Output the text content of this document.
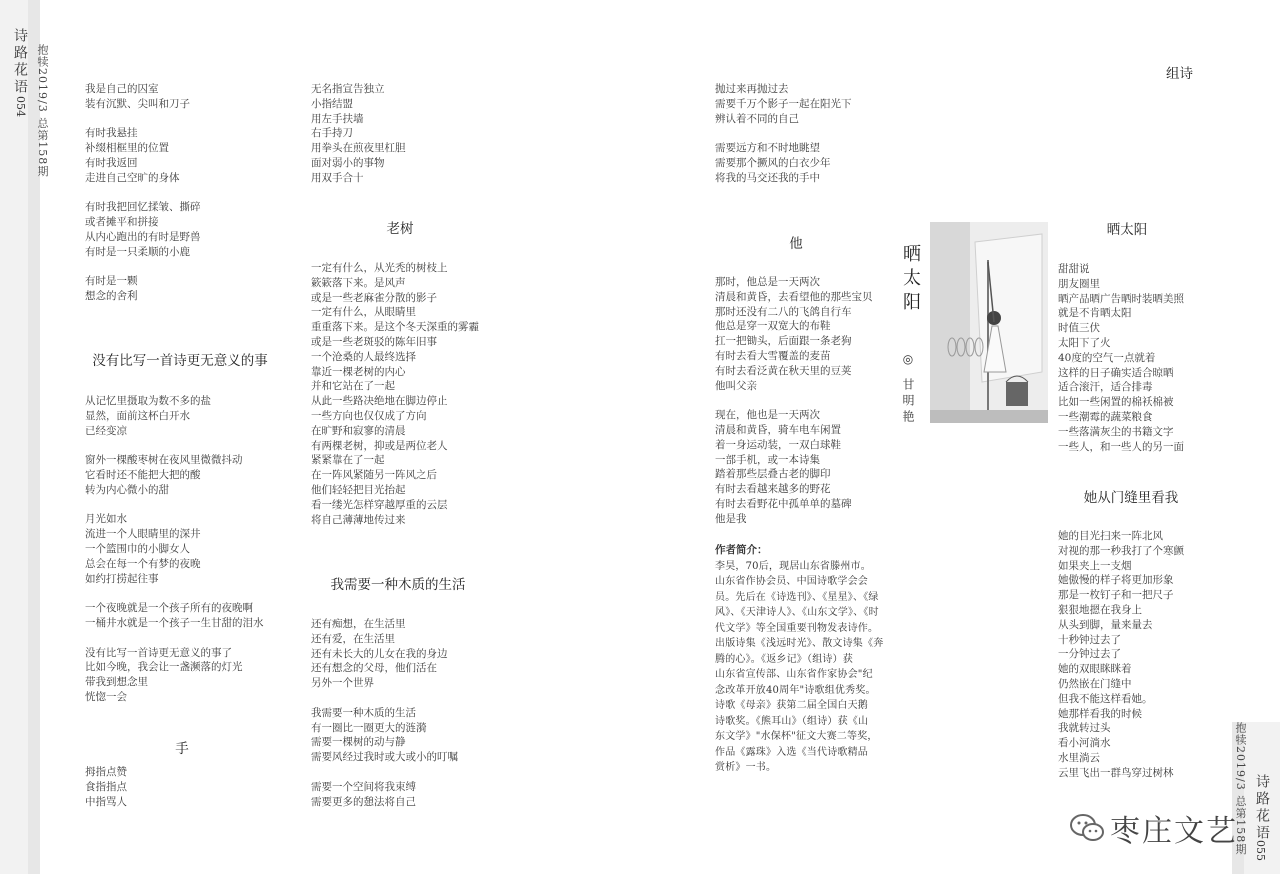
诗路花语 抱犊2019/3 总第158期
054
我是自己的囚室
装有沉默、尖叫和刀子
有时我悬挂
补缀相框里的位置
有时我返回
走进自己空旷的身体
有时我把回忆揉皱、撕碎
或者摊平和拼接
从内心跑出的有时是野兽
有时是一只柔顺的小鹿
有时是一颗
想念的舍利
没有比写一首诗更无意义的事
从记忆里摄取为数不多的盐
显然，面前这杯白开水
已经变凉
窗外一棵酸枣树在夜风里微微抖动
它看时还不能把大把的酸
转为内心微小的甜
月光如水
流进一个人眼睛里的深井
一个篮围巾的小脚女人
总会在每一个有梦的夜晚
如约打捞起往事
一个夜晚就是一个孩子所有的夜晚啊
一桶井水就是一个孩子一生甘甜的泪水
没有比写一首诗更无意义的事了
比如今晚，我会让一盏濒落的灯光
带我到想念里
恍惚一会
手
拇指点赞
食指指点
中指骂人
无名指宣告独立
小指结盟
用左手扶墙
右手持刀
用拳头在煎夜里杠胆
面对弱小的事物
用双手合十
老树
一定有什么，从光秃的树枝上
簌簌落下来。是风声
或是一些老麻雀分散的影子
一定有什么，从眼睛里
重重落下来。是这个冬天深重的雾霾
或是一些老斑驳的陈年旧事
一个沧桑的人最终选择
靠近一棵老树的内心
并和它站在了一起
从此一些路决绝地在脚边停止
一些方向也仅仅成了方向
在旷野和寂寥的清晨
有两棵老树，抑或是两位老人
紧紧靠在了一起
在一阵风紧随另一阵风之后
他们轻轻把目光抬起
看一缕光怎样穿越厚重的云层
将自己薄薄地传过来
我需要一种木质的生活
还有痴想，在生活里
还有爱，在生活里
还有未长大的儿女在我的身边
还有想念的父母，他们活在
另外一个世界
我需要一种木质的生活
有一圈比一圈更大的涟漪
需要一棵树的动与静
需要风经过我时或大或小的叮嘱
需要一个空间将我束缚
需要更多的憩法将自己
抛过来再抛过去
需要千万个影子一起在阳光下
辨认着不同的自己
需要远方和不时地眺望
需要那个撅风的白衣少年
将我的马交还我的手中
他
那时，他总是一天两次
清晨和黄昏，去看望他的那些宝贝
那时还没有二八的飞鸽自行车
他总是穿一双宽大的布鞋
扛一把锄头，后面跟一条老狗
有时去看大雪覆盖的麦苗
有时去看泛黄在秋天里的豆荚
他叫父亲
现在，他也是一天两次
清晨和黄昏，骑车电车闲置
着一身运动装，一双白球鞋
一部手机，或一本诗集
踏着那些层叠古老的脚印
有时去看越来越多的野花
有时去看野花中孤单单的墓碑
他是我
作者简介：
李昊，70后，现居山东省滕州市。
山东省作协会员、中国诗歌学会会
员。先后在《诗选刊》、《星星》、《绿
风》、《天津诗人》、《山东文学》、《时
代文学》等全国重要刊物发表诗作。
出版诗集《浅远时光》、散文诗集《奔
腾的心》。《返乡记》（组诗）获
山东省宣传部、山东省作家协会"纪
念改革开放40周年"诗歌组优秀奖。
诗歌《母亲》获第二届全国白天鹅
诗歌奖。《熊耳山》（组诗）获《山
东文学》"水保杯"征文大赛二等奖，
作品《露珠》入选《当代诗歌精品
赏析》一书。
晒太阳
◎ 甘明艳
组诗
晒太阳
甜甜说
朋友圈里
晒产品晒广告晒时装晒美照
就是不肯晒太阳
时值三伏
太阳下了火
40度的空气一点就着
这样的日子确实适合晾晒
适合滚汗，适合排毒
比如一些闲置的棉袄棉被
一些潮霉的蔬菜粮食
一些落满灰尘的书籍文字
一些人，和一些人的另一面
她从门缝里看我
她的目光扫来一阵北风
对视的那一秒我打了个寒颤
如果夹上一支烟
她傲慢的样子将更加形象
那是一枚钉子和一把尺子
狠狠地摁在我身上
从头到脚，量来量去
十秒钟过去了
一分钟过去了
她的双眼眯眯着
仍然嵌在门缝中
但我不能这样看她。
她那样看我的时候
我就转过头
看小河淌水
水里淌云
云里飞出一群鸟穿过树林	抱犊2019/3 总第158期 诗路花语
055
枣庄文艺
